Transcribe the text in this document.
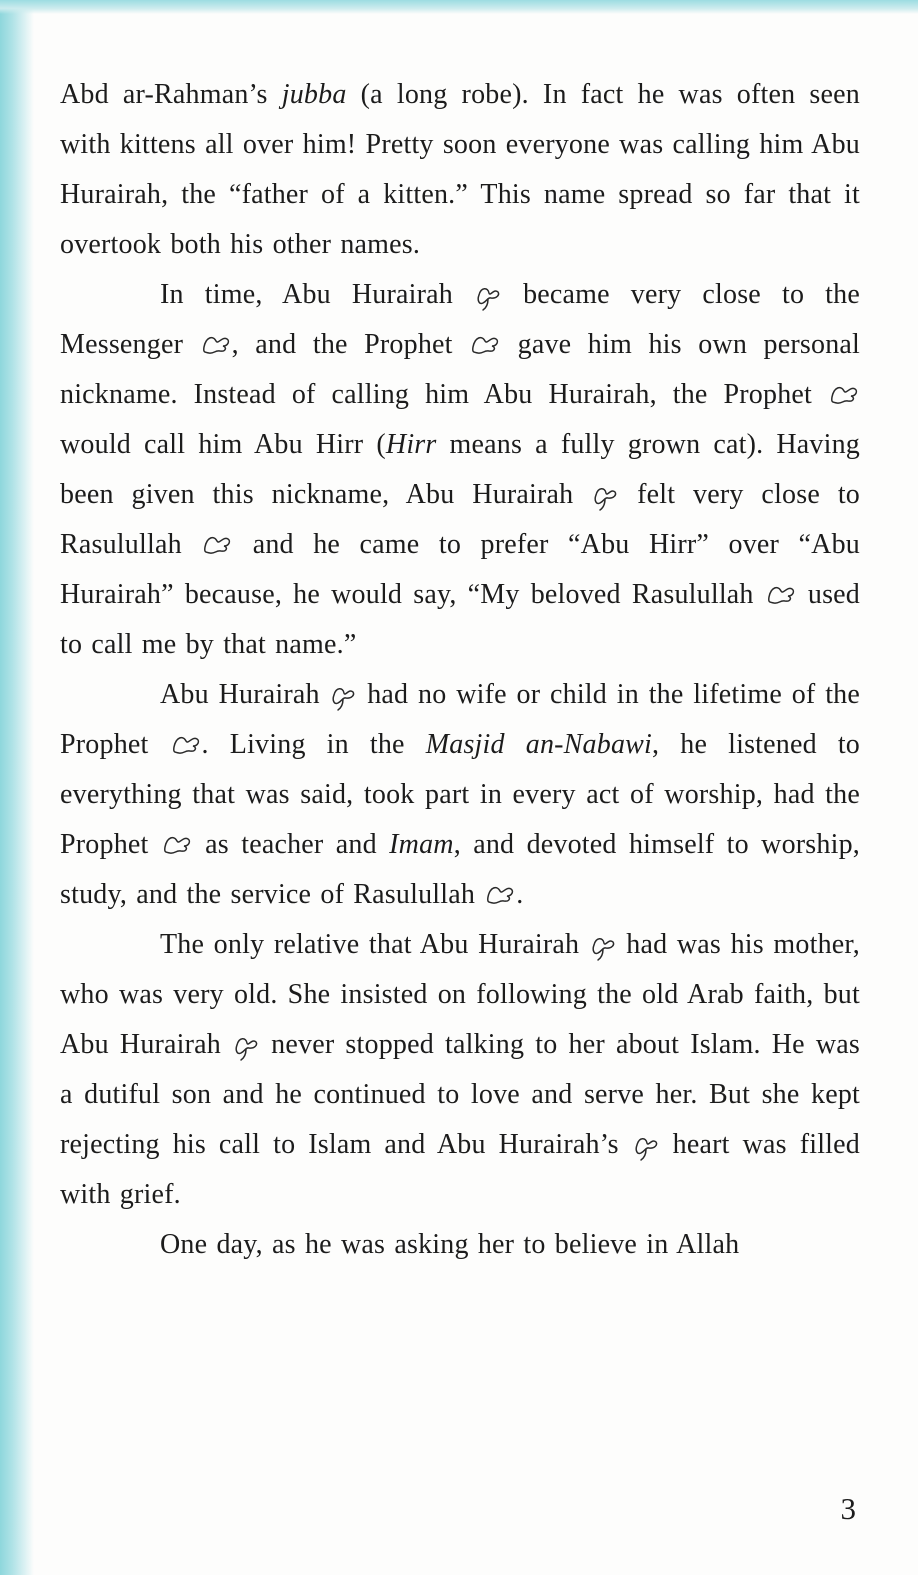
Abd ar-Rahman’s jubba (a long robe). In fact he was often seen with kittens all over him! Pretty soon everyone was calling him Abu Hurairah, the “father of a kitten.” This name spread so far that it overtook both his other names.

In time, Abu Hurairah
became very close to the Messenger
, and the Prophet
gave him his own personal nickname. Instead of calling him Abu Hurairah, the Prophet
would call him Abu Hirr (Hirr means a fully grown cat). Having been given this nickname, Abu Hurairah
felt very close to Rasulullah
and he came to prefer “Abu Hirr” over “Abu Hurairah” because, he would say, “My beloved Rasulullah
used to call me by that name.”

Abu Hurairah
had no wife or child in the lifetime of the Prophet
. Living in the Masjid an-Nabawi, he listened to everything that was said, took part in every act of worship, had the Prophet
as teacher and Imam, and devoted himself to worship, study, and the service of Rasulullah
.

The only relative that Abu Hurairah
had was his mother, who was very old. She insisted on following the old Arab faith, but Abu Hurairah
never stopped talking to her about Islam. He was a dutiful son and he continued to love and serve her. But she kept rejecting his call to Islam and Abu Hurairah’s
heart was filled with grief.

One day, as he was asking her to believe in Allah

3
